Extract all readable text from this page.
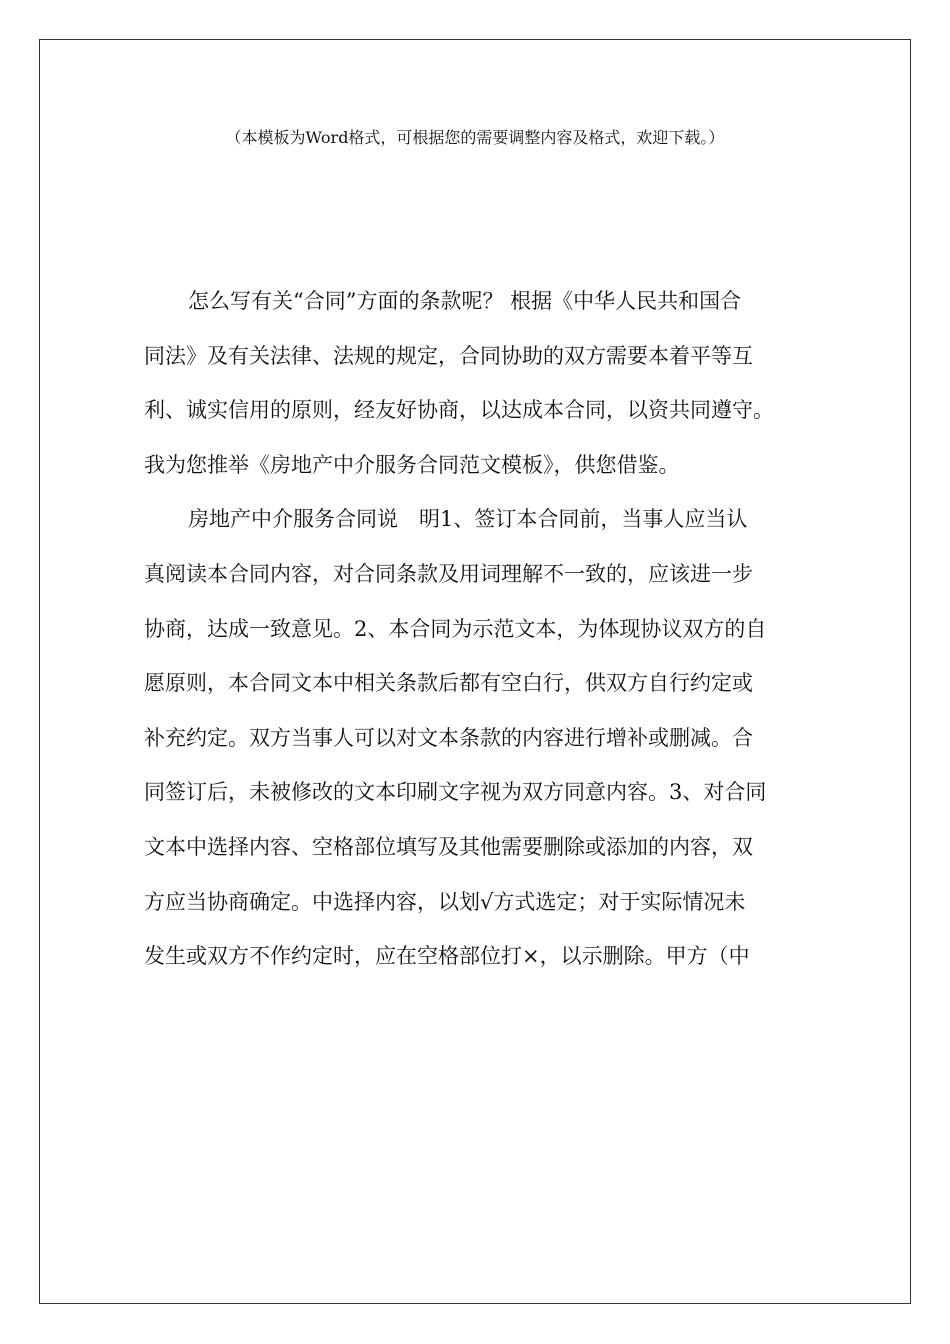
（本模板为Word格式，可根据您的需要调整内容及格式，欢迎下载。）
怎么写有关“合同”方面的条款呢？ 根据《中华人民共和国合
同法》及有关法律、法规的规定，合同协助的双方需要本着平等互
利、诚实信用的原则，经友好协商，以达成本合同，以资共同遵守。
我为您推举《房地产中介服务合同范文模板》，供您借鉴。
房地产中介服务合同说　明1、签订本合同前，当事人应当认
真阅读本合同内容，对合同条款及用词理解不一致的，应该进一步
协商，达成一致意见。2、本合同为示范文本，为体现协议双方的自
愿原则，本合同文本中相关条款后都有空白行，供双方自行约定或
补充约定。双方当事人可以对文本条款的内容进行增补或删减。合
同签订后，未被修改的文本印刷文字视为双方同意内容。3、对合同
文本中选择内容、空格部位填写及其他需要删除或添加的内容，双
方应当协商确定。中选择内容，以划√方式选定；对于实际情况未
发生或双方不作约定时，应在空格部位打×，以示删除。甲方（中
